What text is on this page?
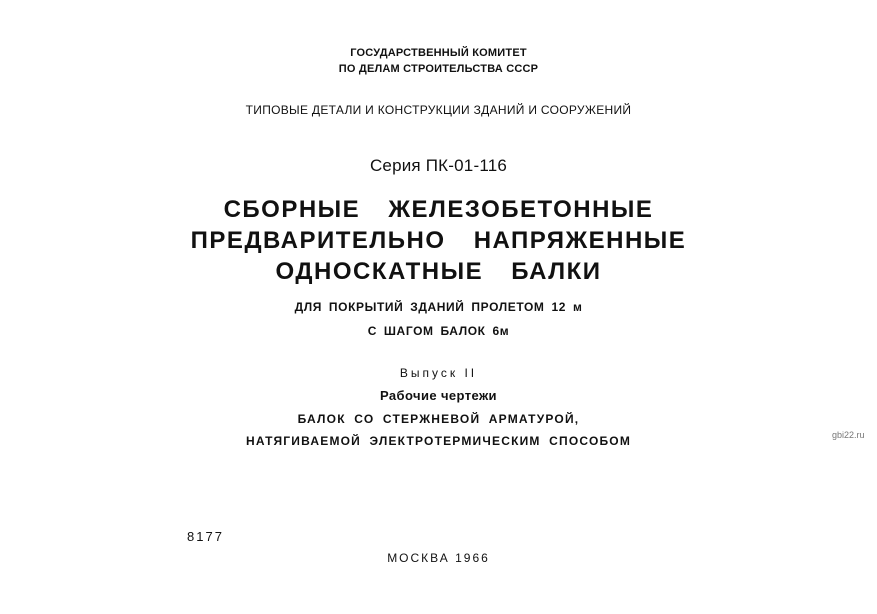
ГОСУДАРСТВЕННЫЙ КОМИТЕТ
ПО ДЕЛАМ СТРОИТЕЛЬСТВА СССР
ТИПОВЫЕ ДЕТАЛИ И КОНСТРУКЦИИ ЗДАНИЙ И СООРУЖЕНИЙ
Серия ПК-01-116
СБОРНЫЕ ЖЕЛЕЗОБЕТОННЫЕ
ПРЕДВАРИТЕЛЬНО НАПРЯЖЕННЫЕ
ОДНОСКАТНЫЕ БАЛКИ
ДЛЯ ПОКРЫТИЙ ЗДАНИЙ ПРОЛЕТОМ 12 м
С ШАГОМ БАЛОК 6м
Выпуск II
Рабочие чертежи
БАЛОК СО СТЕРЖНЕВОЙ АРМАТУРОЙ,
НАТЯГИВАЕМОЙ ЭЛЕКТРОТЕРМИЧЕСКИМ СПОСОБОМ	gbi22.ru
8177
МОСКВА 1966
